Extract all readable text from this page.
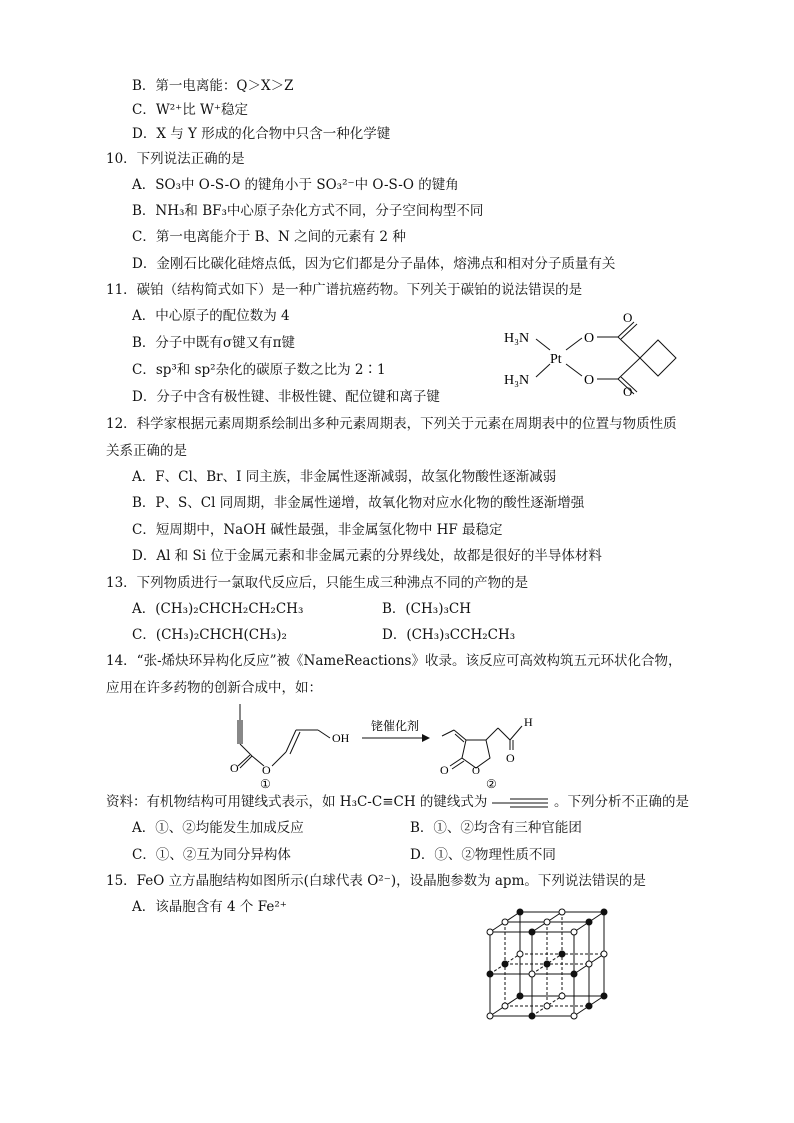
B．第一电离能：Q＞X＞Z
C．W²⁺比 W⁺稳定
D．X 与 Y 形成的化合物中只含一种化学键
10．下列说法正确的是
A．SO₃中 O-S-O 的键角小于 SO₃²⁻中 O-S-O 的键角
B．NH₃和 BF₃中心原子杂化方式不同，分子空间构型不同
C．第一电离能介于 B、N 之间的元素有 2 种
D．金刚石比碳化硅熔点低，因为它们都是分子晶体，熔沸点和相对分子质量有关
11．碳铂（结构简式如下）是一种广谱抗癌药物。下列关于碳铂的说法错误的是
A．中心原子的配位数为 4
B．分子中既有σ键又有π键
C．sp³和 sp²杂化的碳原子数之比为 2∶1
D．分子中含有极性键、非极性键、配位键和离子键
H₃N
H₃N
Pt
O
O
O
O
12．科学家根据元素周期系绘制出多种元素周期表，下列关于元素在周期表中的位置与物质性质
关系正确的是
A．F、Cl、Br、I 同主族，非金属性逐渐减弱，故氢化物酸性逐渐减弱
B．P、S、Cl 同周期，非金属性递增，故氧化物对应水化物的酸性逐渐增强
C．短周期中，NaOH 碱性最强，非金属氢化物中 HF 最稳定
D．Al 和 Si 位于金属元素和非金属元素的分界线处，故都是很好的半导体材料
13．下列物质进行一氯取代反应后，只能生成三种沸点不同的产物的是
A．(CH₃)₂CHCH₂CH₂CH₃	B．(CH₃)₃CH
C．(CH₃)₂CHCH(CH₃)₂	D．(CH₃)₃CCH₂CH₃
14．“张-烯炔环异构化反应”被《NameReactions》收录。该反应可高效构筑五元环状化合物，
应用在许多药物的创新合成中，如：
O O
OH
①
铑催化剂
O O
O
H
②
资料：有机物结构可用键线式表示，如 H₃C-C≡CH 的键线式为	。下列分析不正确的是
A．①、②均能发生加成反应	B．①、②均含有三种官能团
C．①、②互为同分异构体	D．①、②物理性质不同
15．FeO 立方晶胞结构如图所示(白球代表 O²⁻)，设晶胞参数为 apm。下列说法错误的是
A．该晶胞含有 4 个 Fe²⁺
